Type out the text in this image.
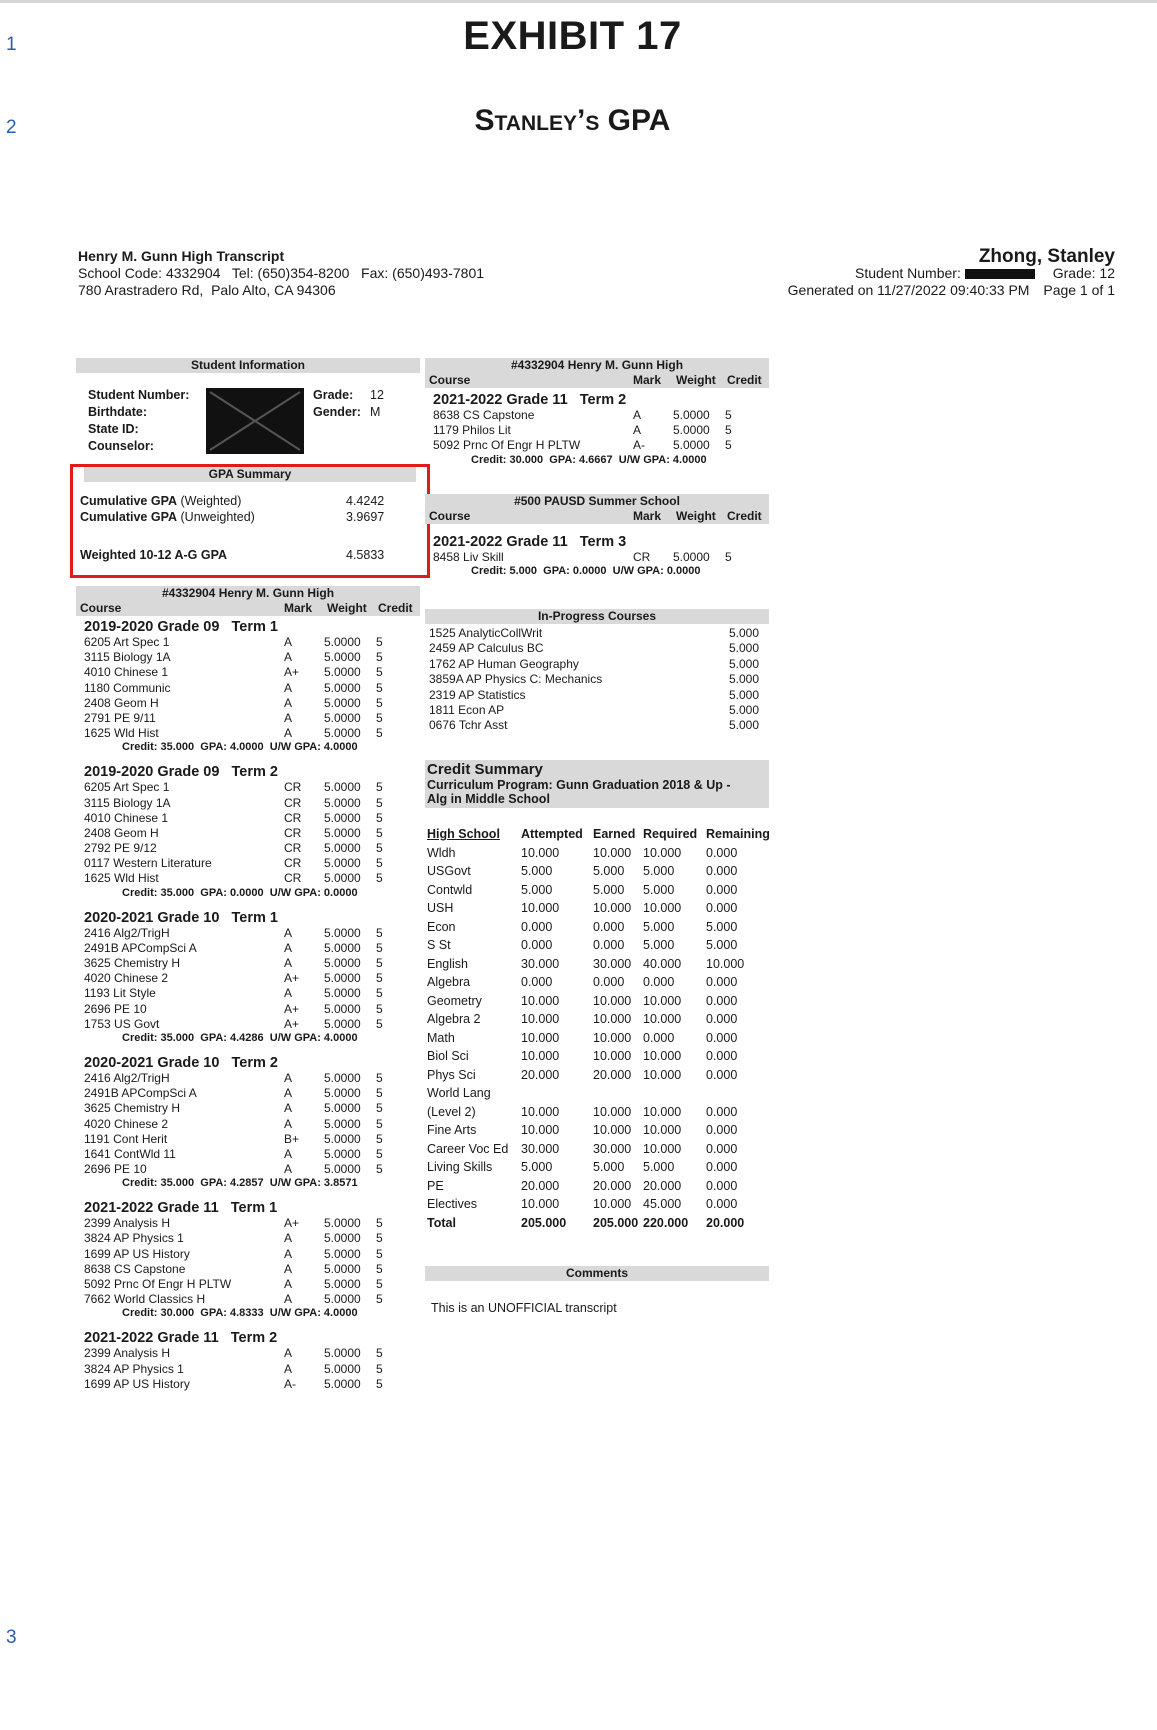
1
2
3
EXHIBIT 17
Stanley’s GPA
Henry M. Gunn High Transcript
School Code: 4332904   Tel: (650)354-8200   Fax: (650)493-7801
780 Arastradero Rd,  Palo Alto, CA 94306
Zhong, Stanley
Student Number:	Grade: 12
Generated on 11/27/2022 09:40:33 PM Page 1 of 1
Student Information
Student Number:
Birthdate:
State ID:
Counselor:
Grade: 12
Gender: M
GPA Summary
Cumulative GPA (Weighted)	4.4242
Cumulative GPA (Unweighted)	3.9697
Weighted 10-12 A-G GPA	4.5833
#4332904 Henry M. Gunn High
Course	Mark Weight Credit
2019-2020 Grade 09   Term 1
6205 Art Spec 1	A	5.0000 5
3115 Biology 1A	A	5.0000 5
4010 Chinese 1	A+ 5.0000 5
1180 Communic	A	5.0000 5
2408 Geom H	A	5.0000 5
2791 PE 9/11	A	5.0000 5
1625 Wld Hist	A	5.0000 5
Credit: 35.000  GPA: 4.0000  U/W GPA: 4.0000
2019-2020 Grade 09   Term 2
6205 Art Spec 1	CR 5.0000 5
3115 Biology 1A	CR 5.0000 5
4010 Chinese 1	CR 5.0000 5
2408 Geom H	CR 5.0000 5
2792 PE 9/12	CR 5.0000 5
0117 Western Literature	CR 5.0000 5
1625 Wld Hist	CR 5.0000 5
Credit: 35.000  GPA: 0.0000  U/W GPA: 0.0000
2020-2021 Grade 10   Term 1
2416 Alg2/TrigH	A	5.0000 5
2491B APCompSci A	A	5.0000 5
3625 Chemistry H	A	5.0000 5
4020 Chinese 2	A+ 5.0000 5
1193 Lit Style	A	5.0000 5
2696 PE 10	A+ 5.0000 5
1753 US Govt	A+ 5.0000 5
Credit: 35.000  GPA: 4.4286  U/W GPA: 4.0000
2020-2021 Grade 10   Term 2
2416 Alg2/TrigH	A	5.0000 5
2491B APCompSci A	A	5.0000 5
3625 Chemistry H	A	5.0000 5
4020 Chinese 2	A	5.0000 5
1191 Cont Herit	B+ 5.0000 5
1641 ContWld 11	A	5.0000 5
2696 PE 10	A	5.0000 5
Credit: 35.000  GPA: 4.2857  U/W GPA: 3.8571
2021-2022 Grade 11   Term 1
2399 Analysis H	A+ 5.0000 5
3824 AP Physics 1	A	5.0000 5
1699 AP US History	A	5.0000 5
8638 CS Capstone	A	5.0000 5
5092 Prnc Of Engr H PLTW	A	5.0000 5
7662 World Classics H	A	5.0000 5
Credit: 30.000  GPA: 4.8333  U/W GPA: 4.0000
2021-2022 Grade 11   Term 2
2399 Analysis H	A	5.0000 5
3824 AP Physics 1	A	5.0000 5
1699 AP US History	A- 5.0000 5
#4332904 Henry M. Gunn High
Course	Mark Weight Credit
2021-2022 Grade 11   Term 2
8638 CS Capstone	A	5.0000 5
1179 Philos Lit	A	5.0000 5
5092 Prnc Of Engr H PLTW	A- 5.0000 5
Credit: 30.000  GPA: 4.6667  U/W GPA: 4.0000
#500 PAUSD Summer School
Course	Mark Weight Credit
2021-2022 Grade 11   Term 3
8458 Liv Skill	CR 5.0000 5
Credit: 5.000  GPA: 0.0000  U/W GPA: 0.0000
In-Progress Courses
1525 AnalyticCollWrit	5.000
2459 AP Calculus BC	5.000
1762 AP Human Geography	5.000
3859A AP Physics C: Mechanics	5.000
2319 AP Statistics	5.000
1811 Econ AP	5.000
0676 Tchr Asst	5.000
Credit Summary
Curriculum Program: Gunn Graduation 2018 & Up -
Alg in Middle School
High School Attempted Earned Required Remaining
Wldh	10.000	10.000 10.000 0.000
USGovt	5.000	5.000 5.000	0.000
Contwld	5.000	5.000 5.000	0.000
USH	10.000	10.000 10.000 0.000
Econ	0.000	0.000 5.000	5.000
S St	0.000	0.000 5.000	5.000
English	30.000	30.000 40.000 10.000
Algebra	0.000	0.000 0.000	0.000
Geometry	10.000	10.000 10.000 0.000
Algebra 2	10.000	10.000 10.000 0.000
Math	10.000	10.000 0.000	0.000
Biol Sci	10.000	10.000 10.000 0.000
Phys Sci	20.000	20.000 10.000 0.000
World Lang
(Level 2)	10.000	10.000 10.000 0.000
Fine Arts	10.000	10.000 10.000 0.000
Career Voc Ed 30.000	30.000 10.000 0.000
Living Skills 5.000	5.000 5.000	0.000
PE	20.000	20.000 20.000 0.000
Electives	10.000	10.000 45.000 0.000
Total	205.000 205.000 220.000 20.000
Comments
This is an UNOFFICIAL transcript
